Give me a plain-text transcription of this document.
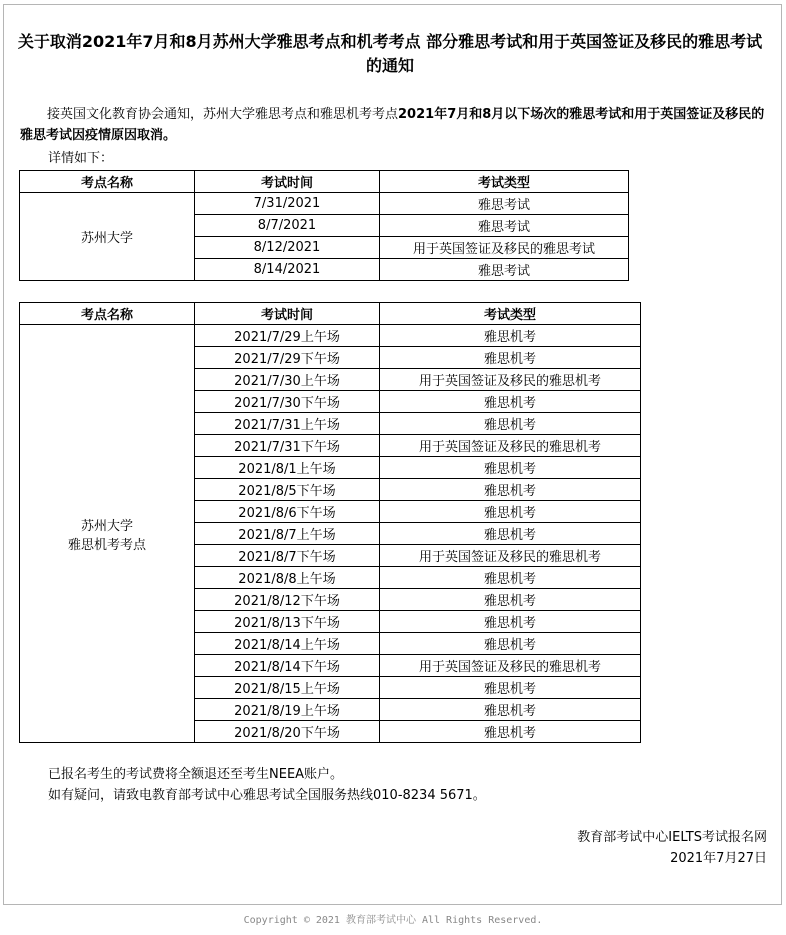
关于取消2021年7月和8月苏州大学雅思考点和机考考点 部分雅思考试和用于英国签证及移民的雅思考试的通知
接英国文化教育协会通知，苏州大学雅思考点和雅思机考考点2021年7月和8月以下场次的雅思考试和用于英国签证及移民的雅思考试因疫情原因取消。
详情如下：
考点名称	考试时间	考试类型

苏州大学	7/31/2021	雅思考试
	8/7/2021	雅思考试
	8/12/2021	用于英国签证及移民的雅思考试
	8/14/2021	雅思考试
考点名称	考试时间	考试类型

苏州大学
雅思机考考点	2021/7/29上午场	雅思机考
	2021/7/29下午场	雅思机考
	2021/7/30上午场	用于英国签证及移民的雅思机考
	2021/7/30下午场	雅思机考
	2021/7/31上午场	雅思机考
	2021/7/31下午场	用于英国签证及移民的雅思机考
	2021/8/1上午场	雅思机考
	2021/8/5下午场	雅思机考
	2021/8/6下午场	雅思机考
	2021/8/7上午场	雅思机考
	2021/8/7下午场	用于英国签证及移民的雅思机考
	2021/8/8上午场	雅思机考
	2021/8/12下午场	雅思机考
	2021/8/13下午场	雅思机考
	2021/8/14上午场	雅思机考
	2021/8/14下午场	用于英国签证及移民的雅思机考
	2021/8/15上午场	雅思机考
	2021/8/19上午场	雅思机考
	2021/8/20下午场	雅思机考
已报名考生的考试费将全额退还至考生NEEA账户。
如有疑问，请致电教育部考试中心雅思考试全国服务热线010-8234 5671。
教育部考试中心IELTS考试报名网
2021年7月27日
Copyright © 2021 教育部考试中心 All Rights Reserved.
